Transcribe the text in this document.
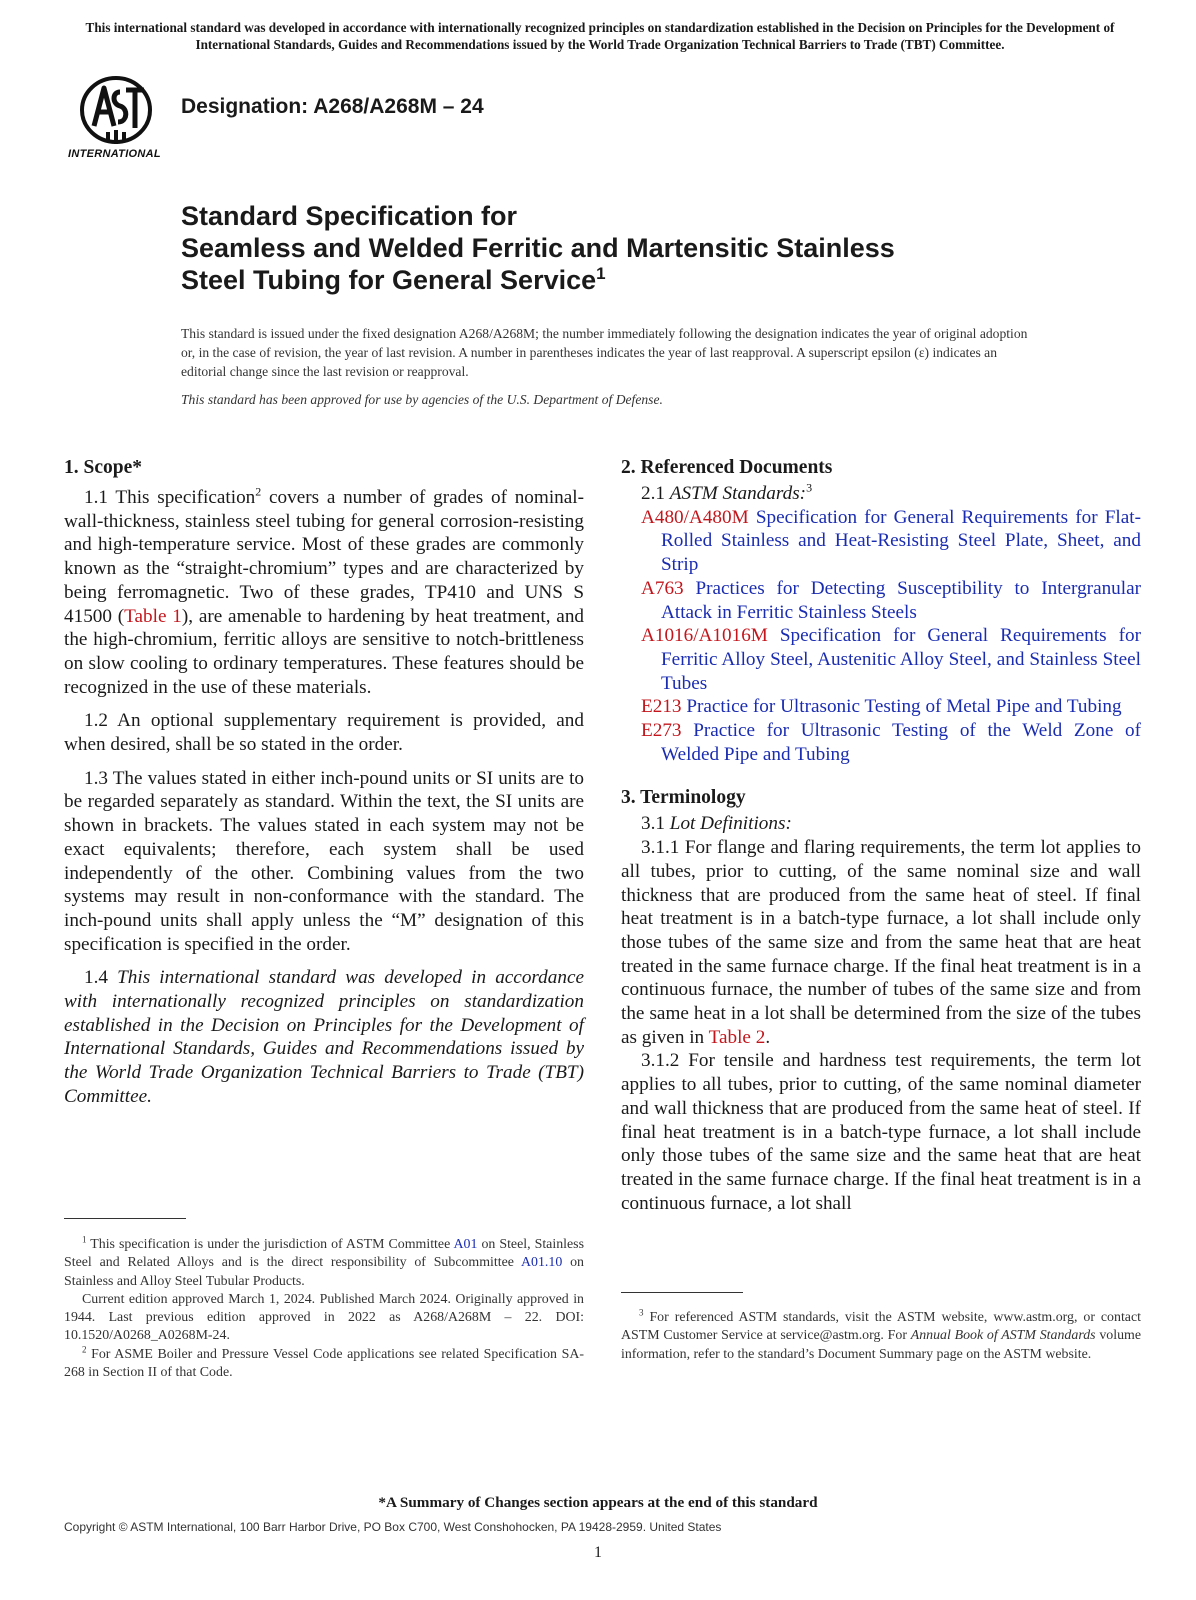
This international standard was developed in accordance with internationally recognized principles on standardization established in the Decision on Principles for the Development of International Standards, Guides and Recommendations issued by the World Trade Organization Technical Barriers to Trade (TBT) Committee.
INTERNATIONAL
Designation: A268/A268M – 24
Standard Specification for
Seamless and Welded Ferritic and Martensitic Stainless
Steel Tubing for General Service$^1$
This standard is issued under the fixed designation A268/A268M; the number immediately following the designation indicates the year of original adoption or, in the case of revision, the year of last revision. A number in parentheses indicates the year of last reapproval. A superscript epsilon (ε) indicates an editorial change since the last revision or reapproval.
This standard has been approved for use by agencies of the U.S. Department of Defense.
1. Scope*

1.1 This specification$^2$ covers a number of grades of nominal-wall-thickness, stainless steel tubing for general corrosion-resisting and high-temperature service. Most of these grades are commonly known as the “straight-chromium” types and are characterized by being ferromagnetic. Two of these grades, TP410 and UNS S 41500 (Table 1), are amenable to hardening by heat treatment, and the high-chromium, ferritic alloys are sensitive to notch-brittleness on slow cooling to ordinary temperatures. These features should be recognized in the use of these materials.

1.2 An optional supplementary requirement is provided, and when desired, shall be so stated in the order.

1.3 The values stated in either inch-pound units or SI units are to be regarded separately as standard. Within the text, the SI units are shown in brackets. The values stated in each system may not be exact equivalents; therefore, each system shall be used independently of the other. Combining values from the two systems may result in non-conformance with the standard. The inch-pound units shall apply unless the “M” designation of this specification is specified in the order.

1.4 This international standard was developed in accordance with internationally recognized principles on standardization established in the Decision on Principles for the Development of International Standards, Guides and Recommendations issued by the World Trade Organization Technical Barriers to Trade (TBT) Committee.

2. Referenced Documents

2.1 ASTM Standards:$^3$

A480/A480M Specification for General Requirements for Flat-Rolled Stainless and Heat-Resisting Steel Plate, Sheet, and Strip

A763 Practices for Detecting Susceptibility to Intergranular Attack in Ferritic Stainless Steels

A1016/A1016M Specification for General Requirements for Ferritic Alloy Steel, Austenitic Alloy Steel, and Stainless Steel Tubes

E213 Practice for Ultrasonic Testing of Metal Pipe and Tubing

E273 Practice for Ultrasonic Testing of the Weld Zone of Welded Pipe and Tubing

3. Terminology

3.1 Lot Definitions:

3.1.1 For flange and flaring requirements, the term lot applies to all tubes, prior to cutting, of the same nominal size and wall thickness that are produced from the same heat of steel. If final heat treatment is in a batch-type furnace, a lot shall include only those tubes of the same size and from the same heat that are heat treated in the same furnace charge. If the final heat treatment is in a continuous furnace, the number of tubes of the same size and from the same heat in a lot shall be determined from the size of the tubes as given in Table 2.

3.1.2 For tensile and hardness test requirements, the term lot applies to all tubes, prior to cutting, of the same nominal diameter and wall thickness that are produced from the same heat of steel. If final heat treatment is in a batch-type furnace, a lot shall include only those tubes of the same size and the same heat that are heat treated in the same furnace charge. If the final heat treatment is in a continuous furnace, a lot shall

$^1$ This specification is under the jurisdiction of ASTM Committee A01 on Steel, Stainless Steel and Related Alloys and is the direct responsibility of Subcommittee A01.10 on Stainless and Alloy Steel Tubular Products.

Current edition approved March 1, 2024. Published March 2024. Originally approved in 1944. Last previous edition approved in 2022 as A268/A268M – 22. DOI: 10.1520/A0268_A0268M-24.

$^2$ For ASME Boiler and Pressure Vessel Code applications see related Specification SA-268 in Section II of that Code.

$^3$ For referenced ASTM standards, visit the ASTM website, www.astm.org, or contact ASTM Customer Service at service@astm.org. For Annual Book of ASTM Standards volume information, refer to the standard’s Document Summary page on the ASTM website.

*A Summary of Changes section appears at the end of this standard
Copyright © ASTM International, 100 Barr Harbor Drive, PO Box C700, West Conshohocken, PA 19428-2959. United States
1
